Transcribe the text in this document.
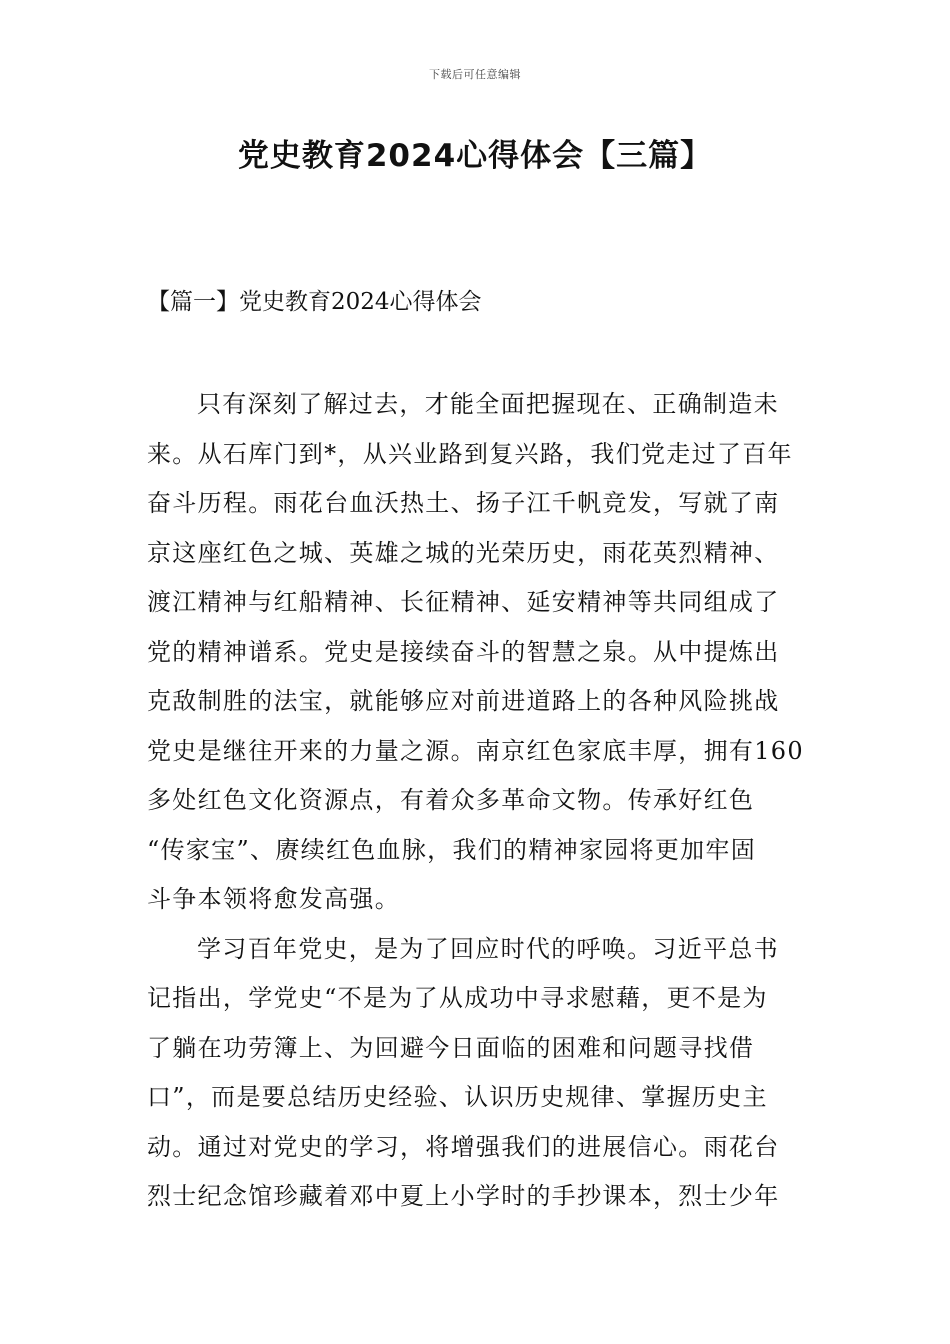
下载后可任意编辑
党史教育2024心得体会【三篇】
【篇一】党史教育2024心得体会
只有深刻了解过去，才能全面把握现在、正确制造未
来。从石库门到*，从兴业路到复兴路，我们党走过了百年
奋斗历程。雨花台血沃热土、扬子江千帆竞发，写就了南
京这座红色之城、英雄之城的光荣历史，雨花英烈精神、
渡江精神与红船精神、长征精神、延安精神等共同组成了
党的精神谱系。党史是接续奋斗的智慧之泉。从中提炼出
克敌制胜的法宝，就能够应对前进道路上的各种风险挑战
党史是继往开来的力量之源。南京红色家底丰厚，拥有160
多处红色文化资源点，有着众多革命文物。传承好红色
“传家宝”、赓续红色血脉，我们的精神家园将更加牢固
斗争本领将愈发高强。
学习百年党史，是为了回应时代的呼唤。习近平总书
记指出，学党史“不是为了从成功中寻求慰藉，更不是为
了躺在功劳簿上、为回避今日面临的困难和问题寻找借
口”，而是要总结历史经验、认识历史规律、掌握历史主
动。通过对党史的学习，将增强我们的进展信心。雨花台
烈士纪念馆珍藏着邓中夏上小学时的手抄课本，烈士少年
